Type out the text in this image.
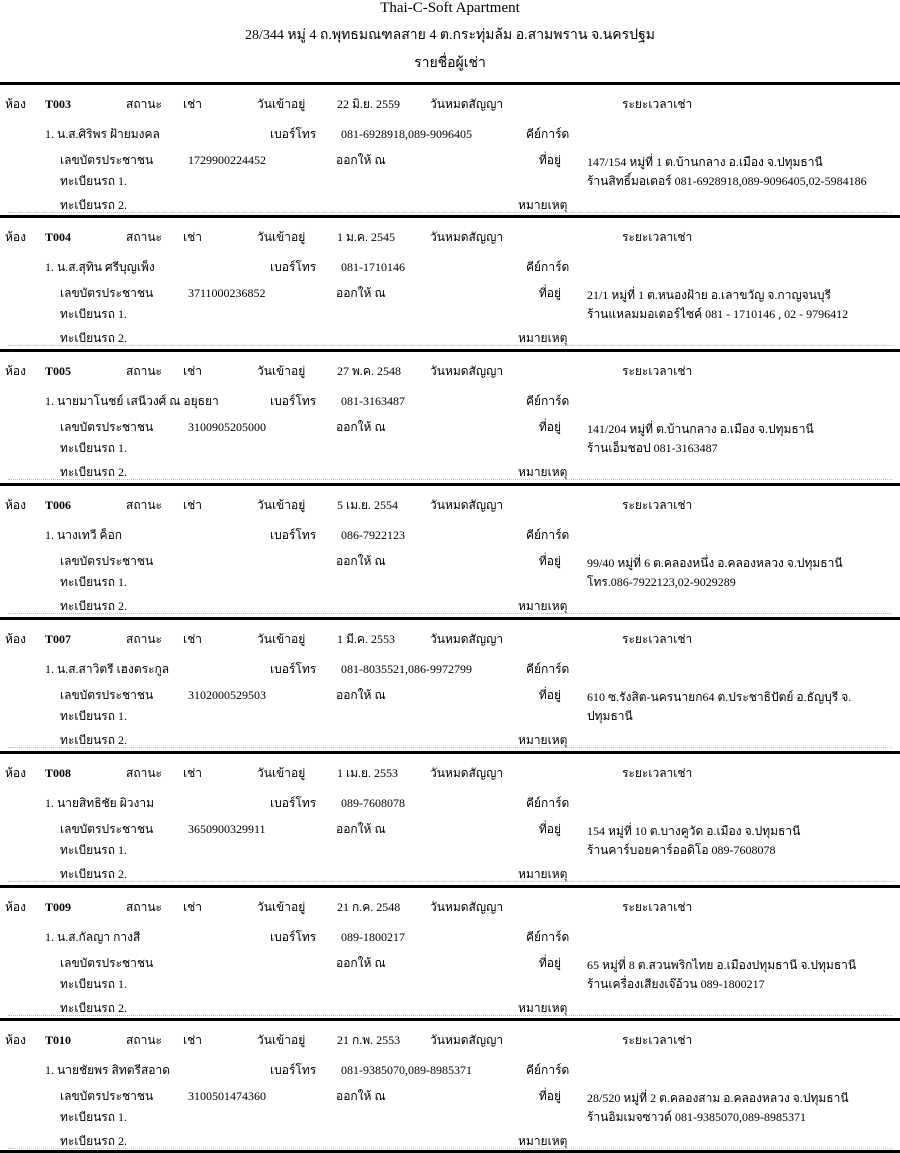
Thai-C-Soft Apartment
28/344 หมู่ 4 ถ.พุทธมณฑลสาย 4 ต.กระทุ่มล้ม อ.สามพราน จ.นครปฐม
รายชื่อผู้เช่า
ห้อง T003	สถานะ เช่า	วันเข้าอยู่	22 มิ.ย. 2559	วันหมดสัญญา	ระยะเวลาเช่า
1. น.ส.ศิริพร ฝ้ายมงคล	เบอร์โทร 081-6928918,089-9096405	คีย์การ์ด
เลขบัตรประชาชน	1729900224452	ออกให้ ณ	ที่อยู่ 147/154 หมู่ที่ 1 ต.บ้านกลาง อ.เมือง จ.ปทุมธานี
ร้านสิทธิ์มอเตอร์ 081-6928918,089-9096405,02-5984186
ทะเบียนรถ 1.
ทะเบียนรถ 2.	หมายเหตุ
ห้อง T004	สถานะ เช่า	วันเข้าอยู่	1 ม.ค. 2545	วันหมดสัญญา	ระยะเวลาเช่า
1. น.ส.สุทิน ศรีบุญเพ็ง	เบอร์โทร 081-1710146	คีย์การ์ด
เลขบัตรประชาชน	3711000236852	ออกให้ ณ	ที่อยู่ 21/1 หมู่ที่ 1 ต.หนองฝ้าย อ.เลาขวัญ จ.กาญจนบุรี
ร้านแหลมมอเตอร์ไซค์ 081 - 1710146 , 02 - 9796412
ทะเบียนรถ 1.
ทะเบียนรถ 2.	หมายเหตุ
ห้อง T005	สถานะ เช่า	วันเข้าอยู่	27 พ.ค. 2548 วันหมดสัญญา	ระยะเวลาเช่า
1. นายมาโนชย์ เสนีวงศ์ ณ อยุธยา	เบอร์โทร 081-3163487	คีย์การ์ด
เลขบัตรประชาชน	3100905205000	ออกให้ ณ	ที่อยู่ 141/204 หมู่ที่ ต.บ้านกลาง อ.เมือง จ.ปทุมธานี
ร้านเอ็มชอป 081-3163487
ทะเบียนรถ 1.
ทะเบียนรถ 2.	หมายเหตุ
ห้อง T006	สถานะ เช่า	วันเข้าอยู่	5 เม.ย. 2554	วันหมดสัญญา	ระยะเวลาเช่า
1. นางเทวี ค็อก	เบอร์โทร 086-7922123	คีย์การ์ด
เลขบัตรประชาชน	ออกให้ ณ	ที่อยู่ 99/40 หมู่ที่ 6 ต.คลองหนึ่ง อ.คลองหลวง จ.ปทุมธานี
โทร.086-7922123,02-9029289
ทะเบียนรถ 1.
ทะเบียนรถ 2.	หมายเหตุ
ห้อง T007	สถานะ เช่า	วันเข้าอยู่	1 มี.ค. 2553	วันหมดสัญญา	ระยะเวลาเช่า
1. น.ส.สาวิตรี เฮงตระกูล	เบอร์โทร 081-8035521,086-9972799	คีย์การ์ด
เลขบัตรประชาชน	3102000529503	ออกให้ ณ	ที่อยู่ 610 ซ.รังสิต-นครนายก64 ต.ประชาธิปัตย์ อ.ธัญบุรี จ.
ปทุมธานี
ทะเบียนรถ 1.
ทะเบียนรถ 2.	หมายเหตุ
ห้อง T008	สถานะ เช่า	วันเข้าอยู่	1 เม.ย. 2553	วันหมดสัญญา	ระยะเวลาเช่า
1. นายสิทธิชัย ผิวงาม	เบอร์โทร 089-7608078	คีย์การ์ด
เลขบัตรประชาชน	3650900329911	ออกให้ ณ	ที่อยู่ 154 หมู่ที่ 10 ต.บางคูวัด อ.เมือง จ.ปทุมธานี
ร้านคาร์บอยคาร์ออดิโอ 089-7608078
ทะเบียนรถ 1.
ทะเบียนรถ 2.	หมายเหตุ
ห้อง T009	สถานะ เช่า	วันเข้าอยู่	21 ก.ค. 2548 วันหมดสัญญา	ระยะเวลาเช่า
1. น.ส.กัลญา กางสี	เบอร์โทร 089-1800217	คีย์การ์ด
เลขบัตรประชาชน	ออกให้ ณ	ที่อยู่ 65 หมู่ที่ 8 ต.สวนพริกไทย อ.เมืองปทุมธานี จ.ปทุมธานี
ร้านเครื่องเสียงเจ๊อ้วน 089-1800217
ทะเบียนรถ 1.
ทะเบียนรถ 2.	หมายเหตุ
ห้อง T010	สถานะ เช่า	วันเข้าอยู่	21 ก.พ. 2553 วันหมดสัญญา	ระยะเวลาเช่า
1. นายชัยพร สิทตรีสอาด	เบอร์โทร 081-9385070,089-8985371	คีย์การ์ด
เลขบัตรประชาชน	3100501474360	ออกให้ ณ	ที่อยู่ 28/520 หมู่ที่ 2 ต.คลองสาม อ.คลองหลวง จ.ปทุมธานี
ร้านอิมเมจซาวด์ 081-9385070,089-8985371
ทะเบียนรถ 1.
ทะเบียนรถ 2.	หมายเหตุ
